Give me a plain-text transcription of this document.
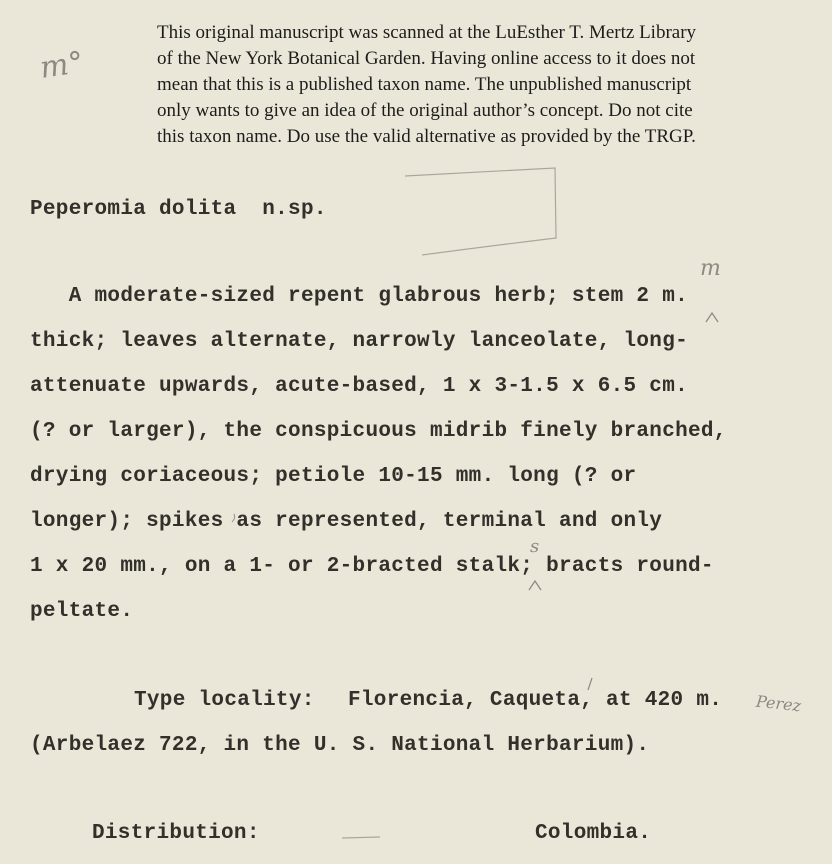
This original manuscript was scanned at the LuEsther T. Mertz Library
of the New York Botanical Garden. Having online access to it does not
mean that this is a published taxon name. The unpublished manuscript
only wants to give an idea of the original author’s concept. Do not cite
this taxon name. Do use the valid alternative as provided by the TRGP.

m°

m

s

Perez

Peperomia dolita  n.sp.

A moderate-sized repent glabrous herb; stem 2 m.

thick; leaves alternate, narrowly lanceolate, long-

attenuate upwards, acute-based, 1 x 3-1.5 x 6.5 cm.

(? or larger), the conspicuous midrib finely branched,

drying coriaceous; petiole 10-15 mm. long (? or

longer); spikes as represented, terminal and only

1 x 20 mm., on a 1- or 2-bracted stalk; bracts round-

peltate.

Type locality: Florencia, Caqueta, at 420 m.

(Arbelaez 722, in the U. S. National Herbarium).

Distribution:	Colombia.
